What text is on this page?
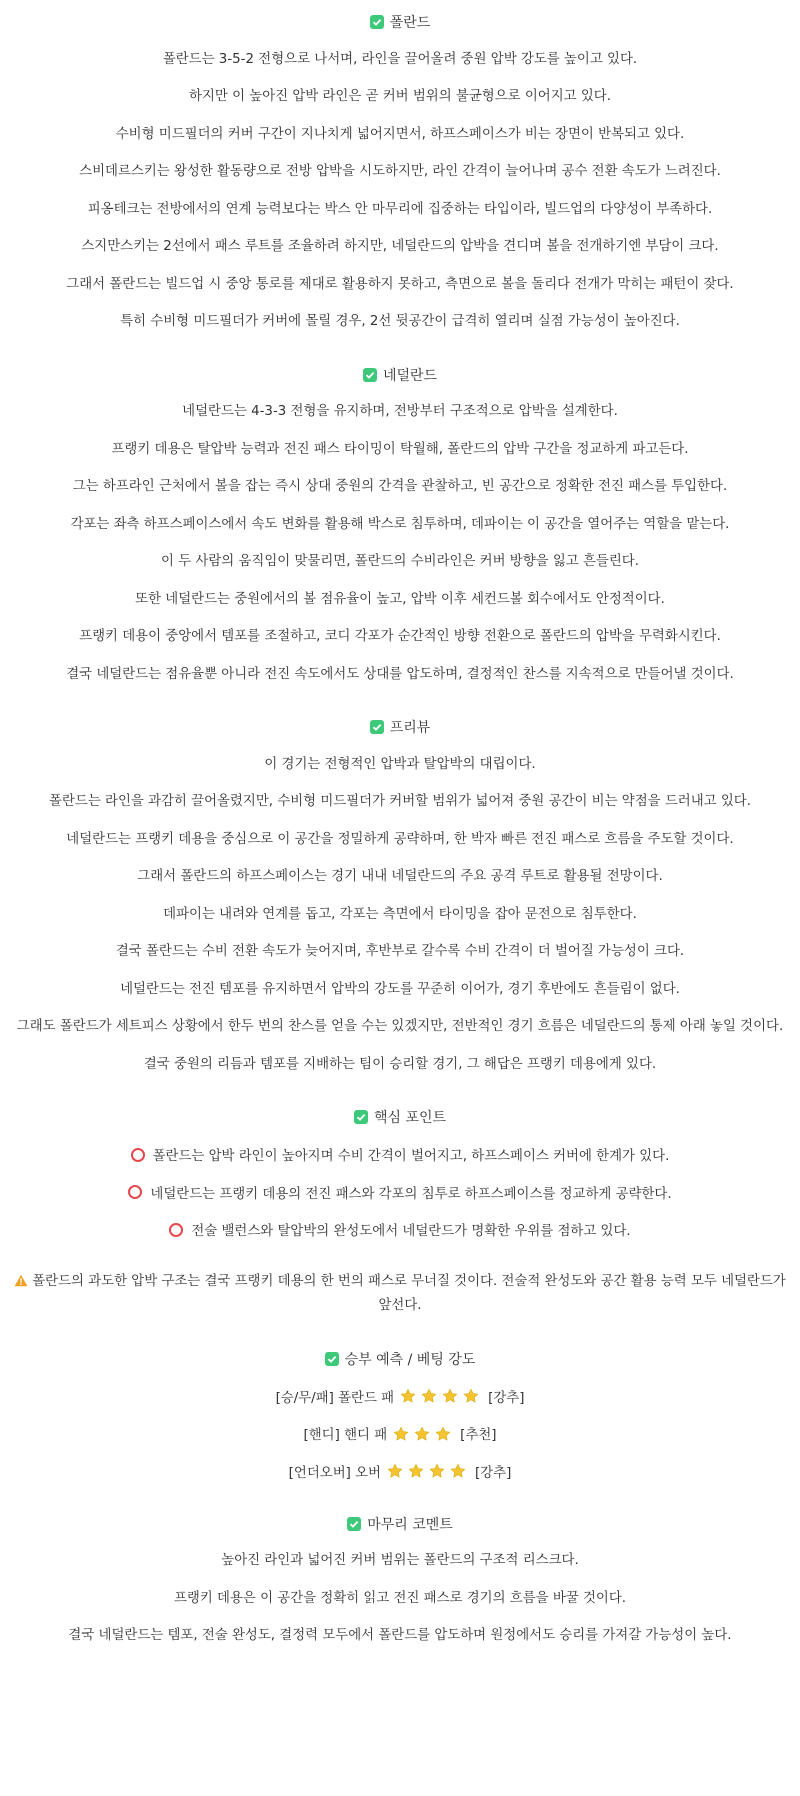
폴란드

폴란드는 3-5-2 전형으로 나서며, 라인을 끌어올려 중원 압박 강도를 높이고 있다.

하지만 이 높아진 압박 라인은 곧 커버 범위의 불균형으로 이어지고 있다.

수비형 미드필더의 커버 구간이 지나치게 넓어지면서, 하프스페이스가 비는 장면이 반복되고 있다.

스비데르스키는 왕성한 활동량으로 전방 압박을 시도하지만, 라인 간격이 늘어나며 공수 전환 속도가 느려진다.

피옹테크는 전방에서의 연계 능력보다는 박스 안 마무리에 집중하는 타입이라, 빌드업의 다양성이 부족하다.

스지만스키는 2선에서 패스 루트를 조율하려 하지만, 네덜란드의 압박을 견디며 볼을 전개하기엔 부담이 크다.

그래서 폴란드는 빌드업 시 중앙 통로를 제대로 활용하지 못하고, 측면으로 볼을 돌리다 전개가 막히는 패턴이 잦다.

특히 수비형 미드필더가 커버에 몰릴 경우, 2선 뒷공간이 급격히 열리며 실점 가능성이 높아진다.

네덜란드

네덜란드는 4-3-3 전형을 유지하며, 전방부터 구조적으로 압박을 설계한다.

프랭키 데용은 탈압박 능력과 전진 패스 타이밍이 탁월해, 폴란드의 압박 구간을 정교하게 파고든다.

그는 하프라인 근처에서 볼을 잡는 즉시 상대 중원의 간격을 관찰하고, 빈 공간으로 정확한 전진 패스를 투입한다.

각포는 좌측 하프스페이스에서 속도 변화를 활용해 박스로 침투하며, 데파이는 이 공간을 열어주는 역할을 맡는다.

이 두 사람의 움직임이 맞물리면, 폴란드의 수비라인은 커버 방향을 잃고 흔들린다.

또한 네덜란드는 중원에서의 볼 점유율이 높고, 압박 이후 세컨드볼 회수에서도 안정적이다.

프랭키 데용이 중앙에서 템포를 조절하고, 코디 각포가 순간적인 방향 전환으로 폴란드의 압박을 무력화시킨다.

결국 네덜란드는 점유율뿐 아니라 전진 속도에서도 상대를 압도하며, 결정적인 찬스를 지속적으로 만들어낼 것이다.

프리뷰

이 경기는 전형적인 압박과 탈압박의 대립이다.

폴란드는 라인을 과감히 끌어올렸지만, 수비형 미드필더가 커버할 범위가 넓어져 중원 공간이 비는 약점을 드러내고 있다.

네덜란드는 프랭키 데용을 중심으로 이 공간을 정밀하게 공략하며, 한 박자 빠른 전진 패스로 흐름을 주도할 것이다.

그래서 폴란드의 하프스페이스는 경기 내내 네덜란드의 주요 공격 루트로 활용될 전망이다.

데파이는 내려와 연계를 돕고, 각포는 측면에서 타이밍을 잡아 문전으로 침투한다.

결국 폴란드는 수비 전환 속도가 늦어지며, 후반부로 갈수록 수비 간격이 더 벌어질 가능성이 크다.

네덜란드는 전진 템포를 유지하면서 압박의 강도를 꾸준히 이어가, 경기 후반에도 흔들림이 없다.

그래도 폴란드가 세트피스 상황에서 한두 번의 찬스를 얻을 수는 있겠지만, 전반적인 경기 흐름은 네덜란드의 통제 아래 놓일 것이다.

결국 중원의 리듬과 템포를 지배하는 팀이 승리할 경기, 그 해답은 프랭키 데용에게 있다.

핵심 포인트
폴란드는 압박 라인이 높아지며 수비 간격이 벌어지고, 하프스페이스 커버에 한계가 있다.
네덜란드는 프랭키 데용의 전진 패스와 각포의 침투로 하프스페이스를 정교하게 공략한다.
전술 밸런스와 탈압박의 완성도에서 네덜란드가 명확한 우위를 점하고 있다.
폴란드의 과도한 압박 구조는 결국 프랭키 데용의 한 번의 패스로 무너질 것이다. 전술적 완성도와 공간 활용 능력 모두 네덜란드가 앞선다.
승부 예측 / 베팅 강도
[승/무/패] 폴란드 패	[강추]
[핸디] 핸디 패	[추천]
[언더오버] 오버	[강추]
마무리 코멘트

높아진 라인과 넓어진 커버 범위는 폴란드의 구조적 리스크다.

프랭키 데용은 이 공간을 정확히 읽고 전진 패스로 경기의 흐름을 바꿀 것이다.

결국 네덜란드는 템포, 전술 완성도, 결정력 모두에서 폴란드를 압도하며 원정에서도 승리를 가져갈 가능성이 높다.
